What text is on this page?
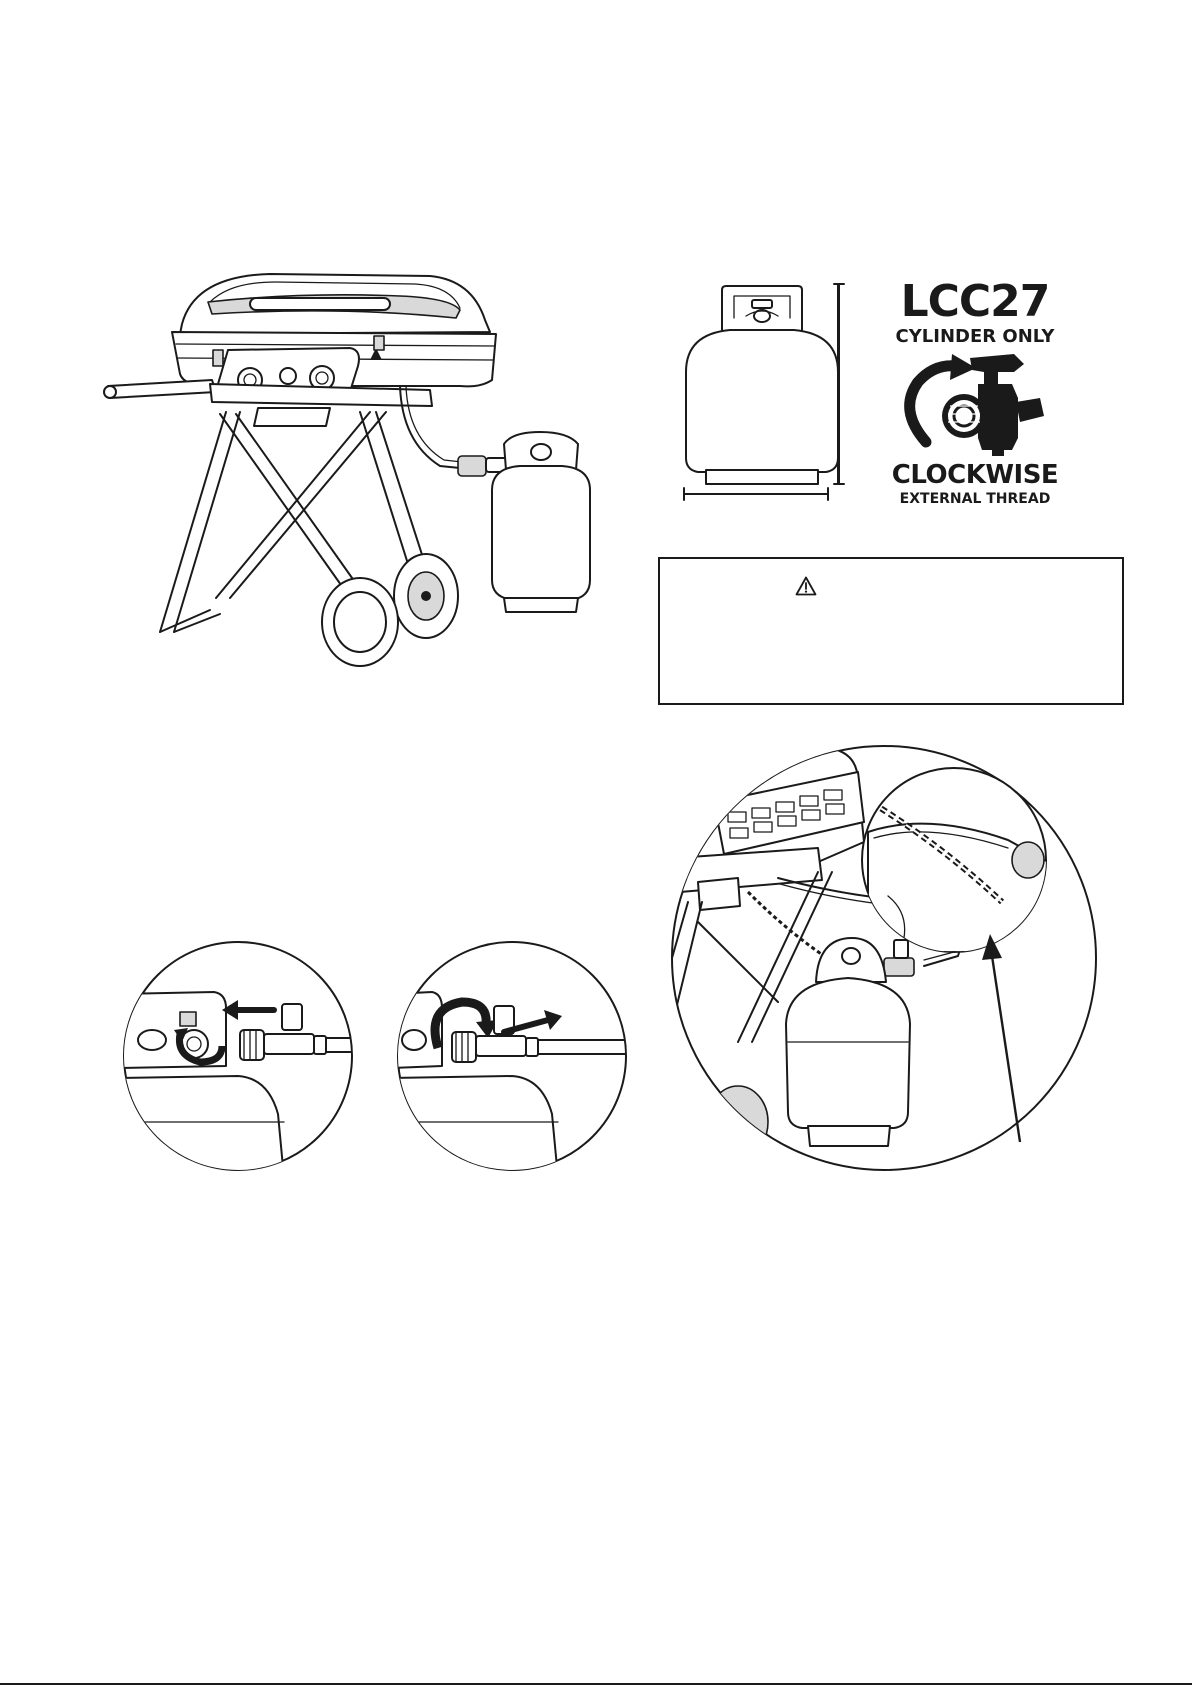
LCC27

CYLINDER ONLY

CLOCKWISE

EXTERNAL THREAD
